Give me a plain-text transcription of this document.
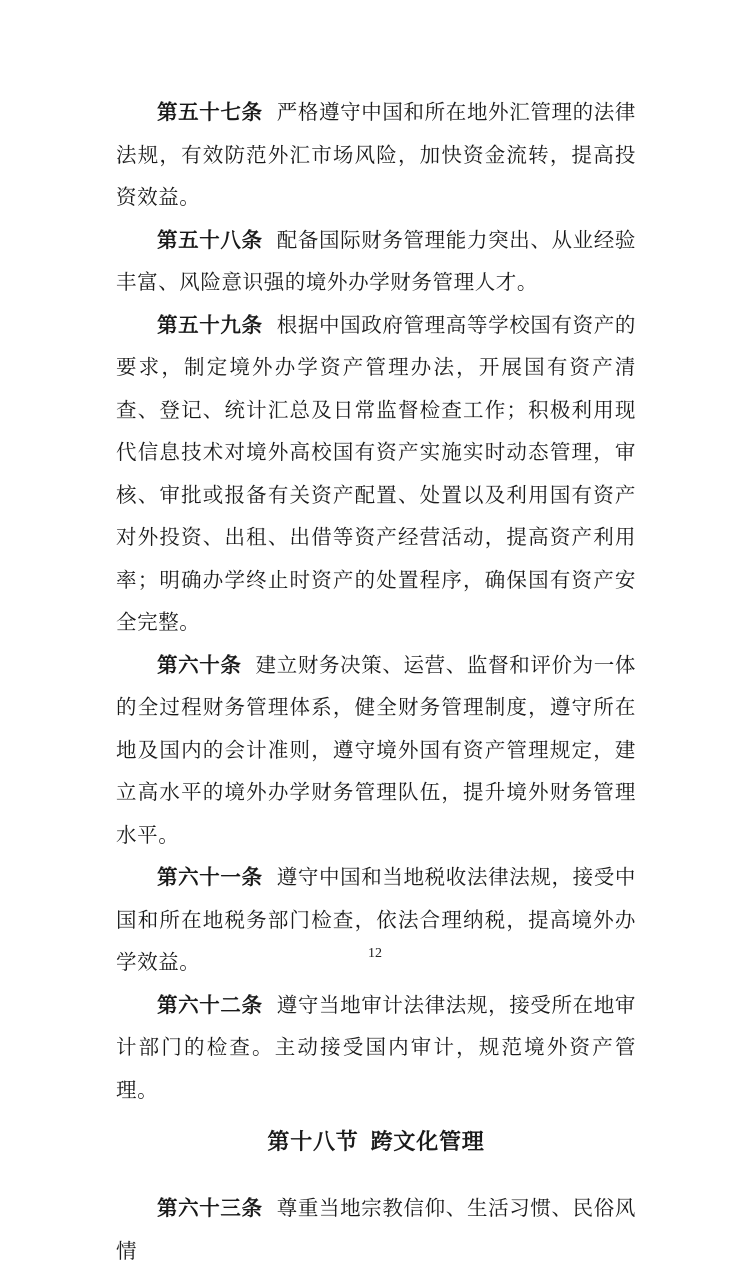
第五十七条 严格遵守中国和所在地外汇管理的法律法规，有效防范外汇市场风险，加快资金流转，提高投资效益。

第五十八条 配备国际财务管理能力突出、从业经验丰富、风险意识强的境外办学财务管理人才。

第五十九条 根据中国政府管理高等学校国有资产的要求，制定境外办学资产管理办法，开展国有资产清查、登记、统计汇总及日常监督检查工作；积极利用现代信息技术对境外高校国有资产实施实时动态管理，审核、审批或报备有关资产配置、处置以及利用国有资产对外投资、出租、出借等资产经营活动，提高资产利用率；明确办学终止时资产的处置程序，确保国有资产安全完整。

第六十条 建立财务决策、运营、监督和评价为一体的全过程财务管理体系，健全财务管理制度，遵守所在地及国内的会计准则，遵守境外国有资产管理规定，建立高水平的境外办学财务管理队伍，提升境外财务管理水平。

第六十一条 遵守中国和当地税收法律法规，接受中国和所在地税务部门检查，依法合理纳税，提高境外办学效益。

第六十二条 遵守当地审计法律法规，接受所在地审计部门的检查。主动接受国内审计，规范境外资产管理。

第十八节 跨文化管理

第六十三条 尊重当地宗教信仰、生活习惯、民俗风情

12
